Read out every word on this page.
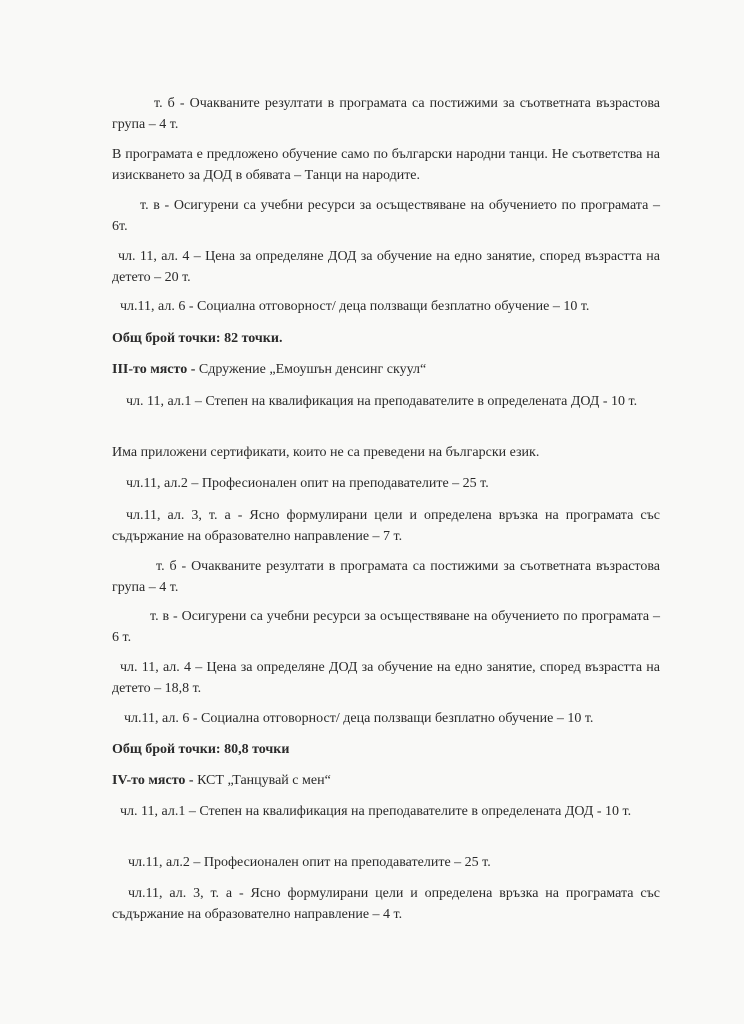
т. б - Очакваните резултати в програмата са постижими за съответната възрастова група – 4 т.

В програмата е предложено обучение само по български народни танци. Не съответства на изискването за ДОД в обявата – Танци на народите.

т. в - Осигурени са учебни ресурси за осъществяване на обучението по програмата – 6т.

чл. 11, ал. 4 – Цена за определяне ДОД за обучение на едно занятие, според възрастта на детето – 20 т.

чл.11, ал. 6 - Социална отговорност/ деца ползващи безплатно обучение – 10 т.

Общ брой точки: 82 точки.

III-то място - Сдружение „Емоушън денсинг скуул“

чл. 11, ал.1 – Степен на квалификация на преподавателите в определената ДОД - 10 т.

Има приложени сертификати, които не са преведени на български език.

чл.11, ал.2 – Професионален опит на преподавателите – 25 т.

чл.11, ал. 3, т. а - Ясно формулирани цели и определена връзка на програмата със съдържание на образователно направление – 7 т.

т. б - Очакваните резултати в програмата са постижими за съответната възрастова група – 4 т.

т. в - Осигурени са учебни ресурси за осъществяване на обучението по програмата – 6 т.

чл. 11, ал. 4 – Цена за определяне ДОД за обучение на едно занятие, според възрастта на детето – 18,8 т.

чл.11, ал. 6 - Социална отговорност/ деца ползващи безплатно обучение – 10 т.

Общ брой точки: 80,8 точки

IV-то място - КСТ „Танцувай с мен“

чл. 11, ал.1 – Степен на квалификация на преподавателите в определената ДОД - 10 т.

чл.11, ал.2 – Професионален опит на преподавателите – 25 т.

чл.11, ал. 3, т. а - Ясно формулирани цели и определена връзка на програмата със съдържание на образователно направление – 4 т.
